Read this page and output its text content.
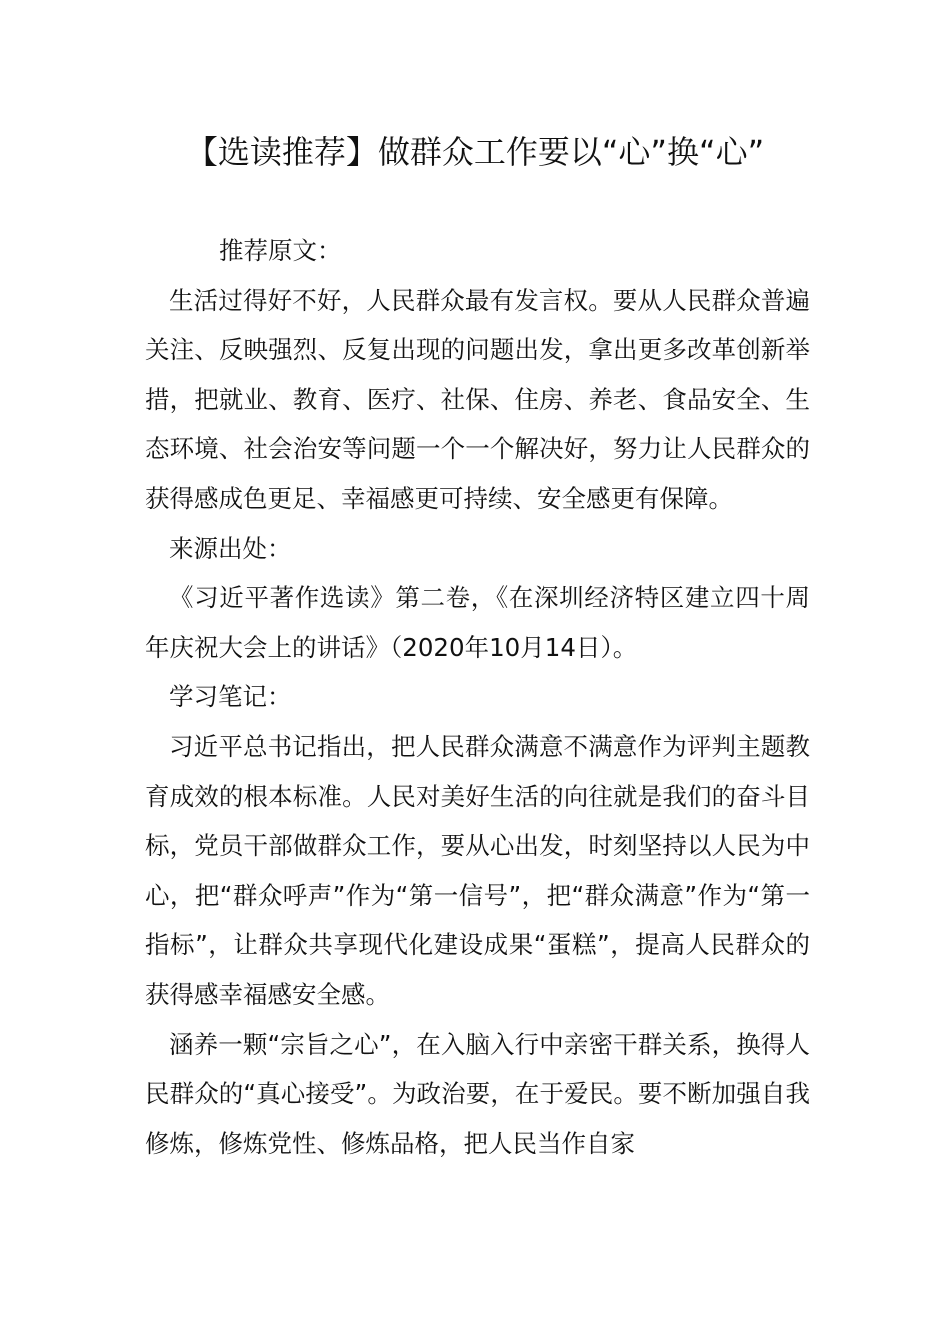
【选读推荐】做群众工作要以“心”换“心”

推荐原文：

生活过得好不好，人民群众最有发言权。要从人民群众普遍关注、反映强烈、反复出现的问题出发，拿出更多改革创新举措，把就业、教育、医疗、社保、住房、养老、食品安全、生态环境、社会治安等问题一个一个解决好，努力让人民群众的获得感成色更足、幸福感更可持续、安全感更有保障。

来源出处：

《习近平著作选读》第二卷，《在深圳经济特区建立四十周年庆祝大会上的讲话》（2020年10月14日）。

学习笔记：

习近平总书记指出，把人民群众满意不满意作为评判主题教育成效的根本标准。人民对美好生活的向往就是我们的奋斗目标，党员干部做群众工作，要从心出发，时刻坚持以人民为中心，把“群众呼声”作为“第一信号”，把“群众满意”作为“第一指标”，让群众共享现代化建设成果“蛋糕”，提高人民群众的获得感幸福感安全感。

涵养一颗“宗旨之心”，在入脑入行中亲密干群关系，换得人民群众的“真心接受”。为政治要，在于爱民。要不断加强自我修炼，修炼党性、修炼品格，把人民当作自家
